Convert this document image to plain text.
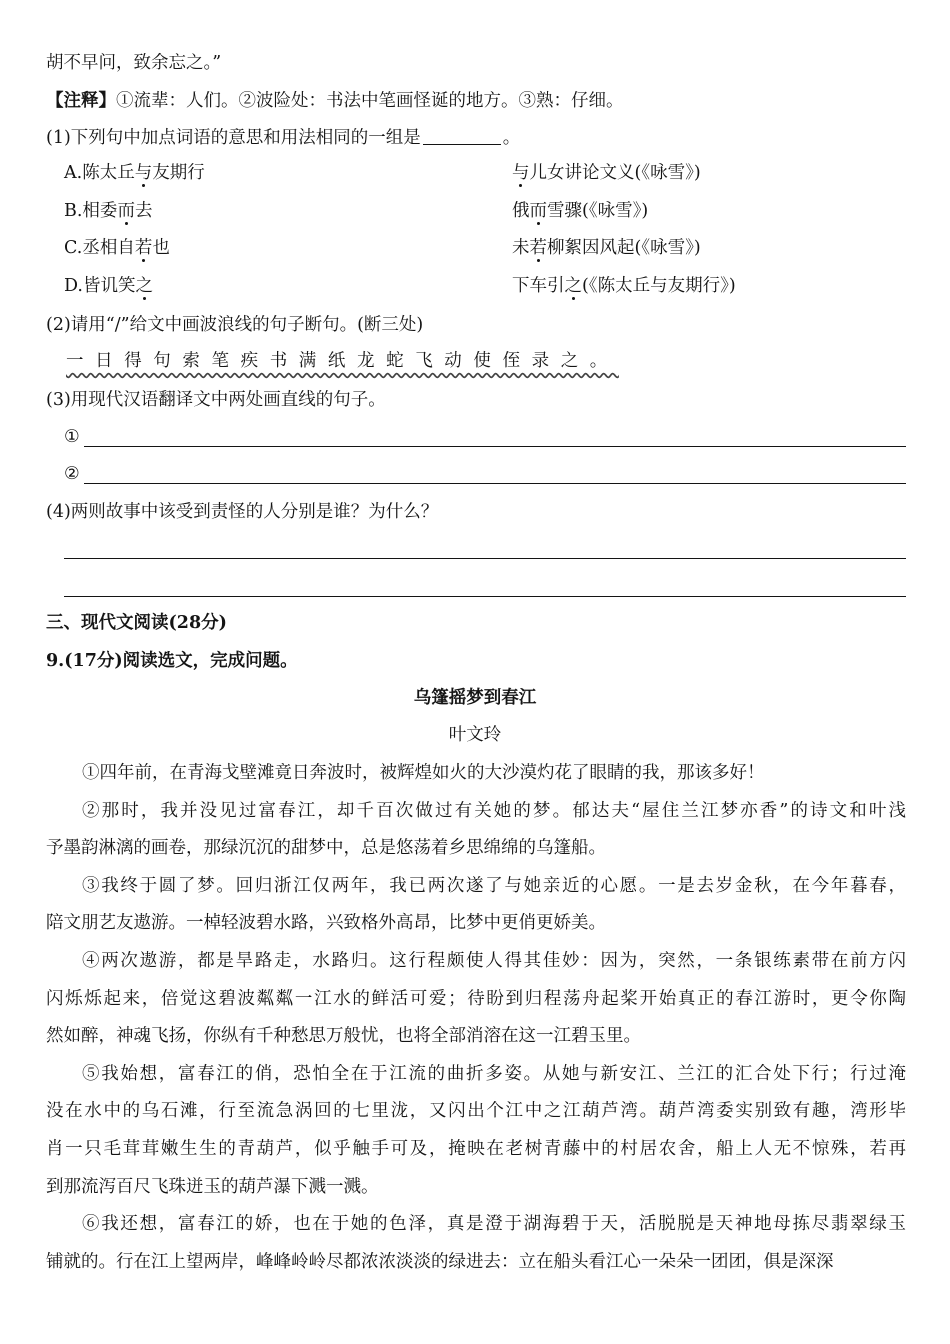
胡不早问，致余忘之。”
【注释】①流辈：人们。②波险处：书法中笔画怪诞的地方。③熟：仔细。
(1)下列句中加点词语的意思和用法相同的一组是	。
A.陈太丘与友期行	与儿女讲论文义(《咏雪》)
B.相委而去	俄而雪骤(《咏雪》)
C.丞相自若也	未若柳絮因风起(《咏雪》)
D.皆讥笑之	下车引之(《陈太丘与友期行》)
(2)请用“/”给文中画波浪线的句子断句。(断三处)
一日得句索笔疾书满纸龙蛇飞动使侄录之。
(3)用现代汉语翻译文中两处画直线的句子。
①
②
(4)两则故事中该受到责怪的人分别是谁？为什么？
三、现代文阅读(28分)
9.(17分)阅读选文，完成问题。
乌篷摇梦到春江
叶文玲
①四年前，在青海戈壁滩竟日奔波时，被辉煌如火的大沙漠灼花了眼睛的我，那该多好！
②那时，我并没见过富春江，却千百次做过有关她的梦。郁达夫“屋住兰江梦亦香”的诗文和叶浅
予墨韵淋漓的画卷，那绿沉沉的甜梦中，总是悠荡着乡思绵绵的乌篷船。
③我终于圆了梦。回归浙江仅两年，我已两次遂了与她亲近的心愿。一是去岁金秋，在今年暮春，
陪文朋艺友遨游。一棹轻波碧水路，兴致格外高昂，比梦中更俏更娇美。
④两次遨游，都是旱路走，水路归。这行程颇使人得其佳妙：因为，突然，一条银练素带在前方闪
闪烁烁起来，倍觉这碧波粼粼一江水的鲜活可爱；待盼到归程荡舟起桨开始真正的春江游时，更令你陶
然如醉，神魂飞扬，你纵有千种愁思万般忧，也将全部消溶在这一江碧玉里。
⑤我始想，富春江的俏，恐怕全在于江流的曲折多姿。从她与新安江、兰江的汇合处下行；行过淹
没在水中的乌石滩，行至流急涡回的七里泷，又闪出个江中之江葫芦湾。葫芦湾委实别致有趣，湾形毕
肖一只毛茸茸嫩生生的青葫芦，似乎触手可及，掩映在老树青藤中的村居农舍，船上人无不惊殊，若再
到那流泻百尺飞珠迸玉的葫芦瀑下溅一溅。
⑥我还想，富春江的娇，也在于她的色泽，真是澄于湖海碧于天，活脱脱是天神地母拣尽翡翠绿玉
铺就的。行在江上望两岸，峰峰岭岭尽都浓浓淡淡的绿进去：立在船头看江心一朵朵一团团，俱是深深
